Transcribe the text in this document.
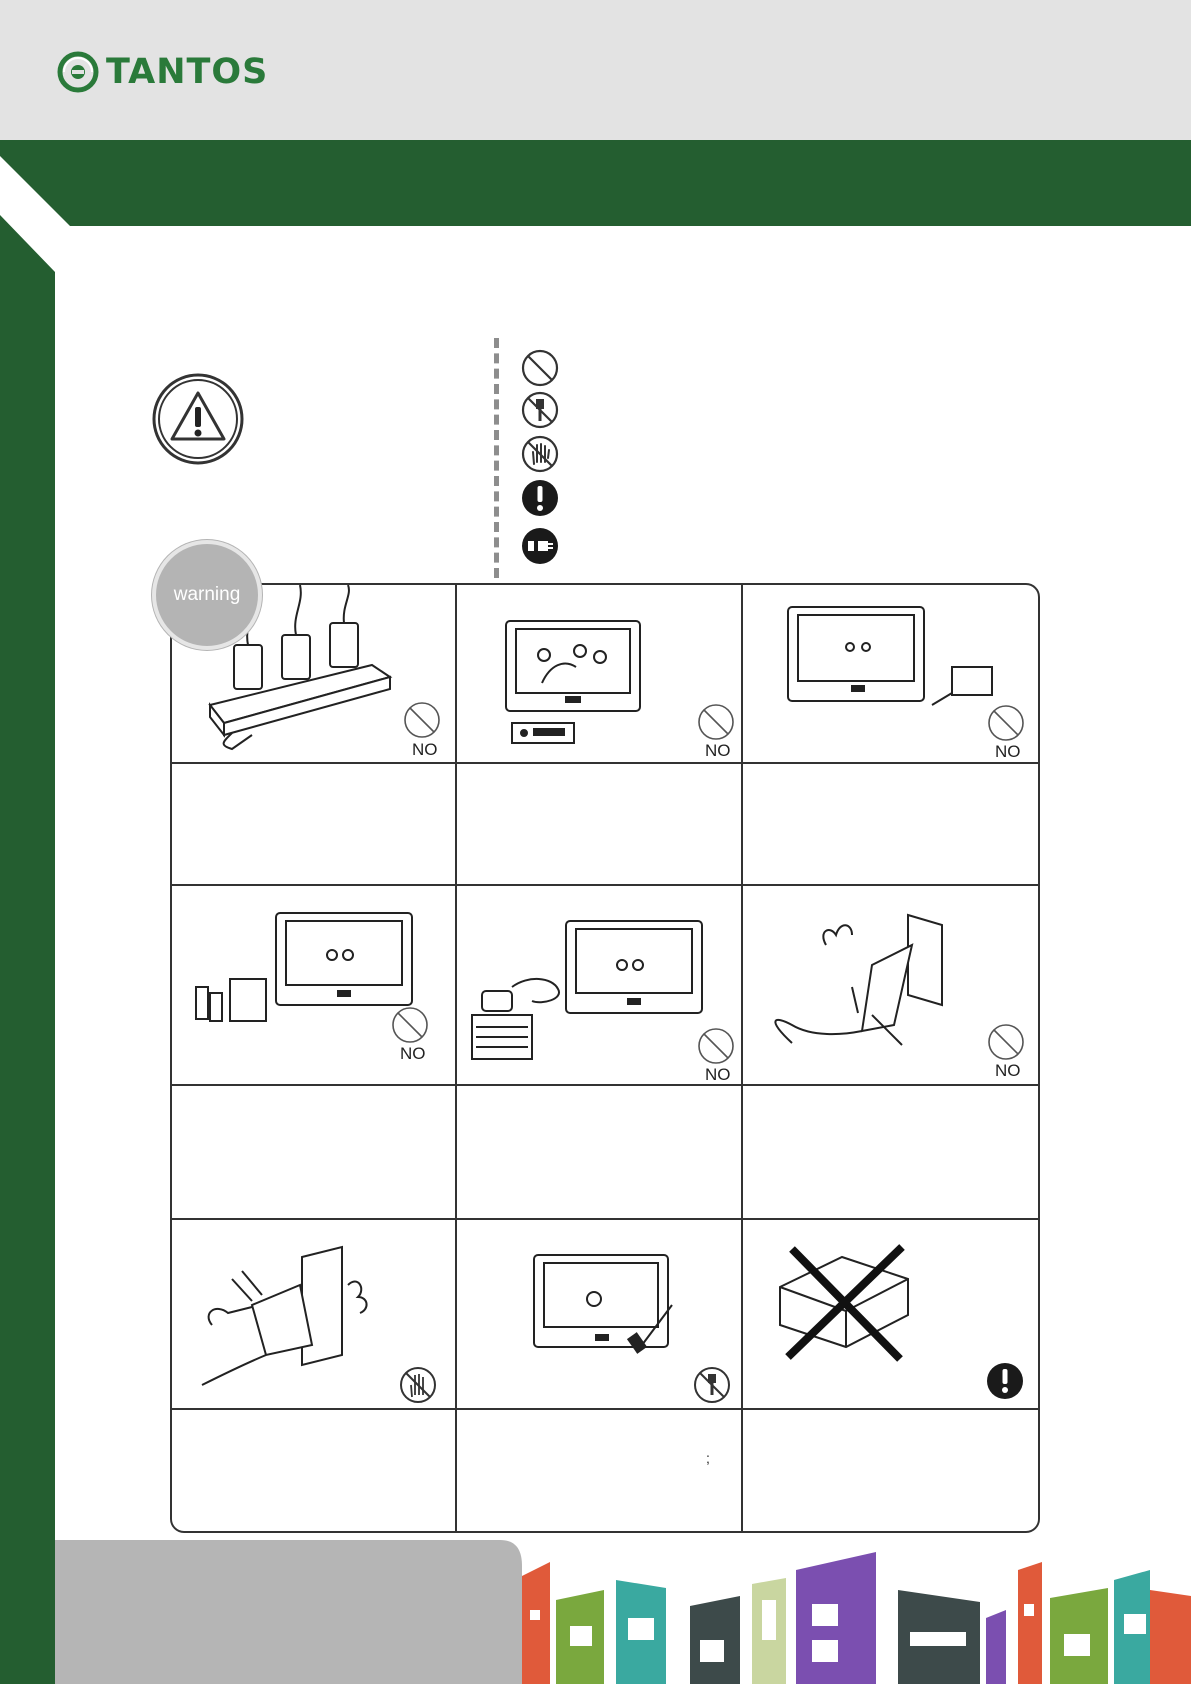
TANTOS
warning
NO	NO	NO
NO
NO	NO
;
